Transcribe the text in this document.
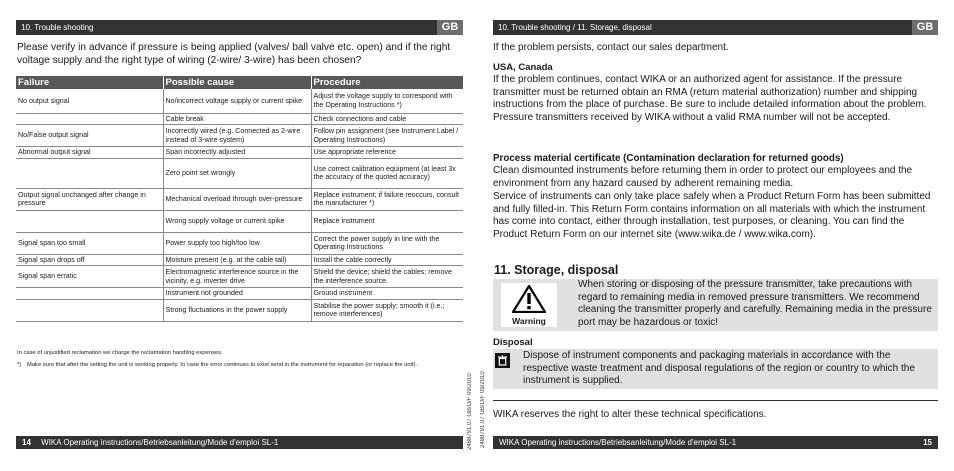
10. Trouble shooting	GB
Please verify in advance if pressure is being applied (valves/ ball valve etc. open) and if the right voltage supply and the right type of wiring (2-wire/ 3-wire) has been chosen?
Failure	Possible cause	Procedure
No output signal	No/incorrect voltage supply or current spike	Adjust the voltage supply to correspond with the Operating Instructions *)
	Cable break	Check connections and cable
No/False output signal	Incorrectly wired (e.g. Connected as 2-wire instead of 3-wire system)	Follow pin assignment (see Instrument Label / Operating Instructions)
Abnormal output signal	Span incorrectly adjusted	Use appropriate reference
	Zero point set wrongly	Use correct calibration equipment (at least 3x the accuracy of the quoted accuracy)
Output signal unchanged after change in pressure	Mechanical overload through over-pressure	Replace instrument; if failure reoccurs, consult the manufacturer *)
	Wrong supply voltage or current spike	Replace instrument
Signal span too small	Power supply too high/too low	Correct the power supply in line with the Operating Instructions
Signal span drops off	Moisture present (e.g. at the cable tail)	Install the cable correctly
Signal span erratic	Electromagnetic interference source in the vicinity, e.g. inverter drive	Shield the device; shield the cables; remove the interference source.
	Instrument not grounded	Ground instrument
	Strong fluctuations in the power supply	Stabilise the power supply; smooth it (i.e.; remove interferences)
In case of unjustified reclamation we charge the reclamation handling expenses.
*) Make sure that after the setting the unit is working properly. In case the error continues to exist send in the instrument for reparation (or replace the unit).
2488791.07 GB/D/F 09/2010
14 WIKA Operating instructions/Betriebsanleitung/Mode d'emploi SL-1
10. Trouble shooting / 11. Storage, disposal	GB
If the problem persists, contact our sales department.
USA, Canada
If the problem continues, contact WIKA or an authorized agent for assistance. If the pressure transmitter must be returned obtain an RMA (return material authorization) number and shipping instructions from the place of purchase. Be sure to include detailed information about the problem. Pressure transmitters received by WIKA without a valid RMA number will not be accepted.
Process material certificate (Contamination declaration for returned goods)
Clean dismounted instruments before returning them in order to protect our employees and the environment from any hazard caused by adherent remaining media.
Service of instruments can only take place safely when a Product Return Form has been submitted and fully filled-in. This Return Form contains information on all materials with which the instrument has come into contact, either through installation, test purposes, or cleaning. You can find the Product Return Form on our internet site (www.wika.de / www.wika.com).
11. Storage, disposal
Warning
When storing or disposing of the pressure transmitter, take precautions with regard to remaining media in removed pressure transmitters. We recommend cleaning the transmitter properly and carefully. Remaining media in the pressure port may be hazardous or toxic!
Disposal
Dispose of instrument components and packaging materials in accordance with the respective waste treatment and disposal regulations of the region or country to which the instrument is supplied.
WIKA reserves the right to alter these technical specifications.
2488791.07 GB/D/F 09/2010	WIKA Operating instructions/Betriebsanleitung/Mode d'emploi SL-1	15
